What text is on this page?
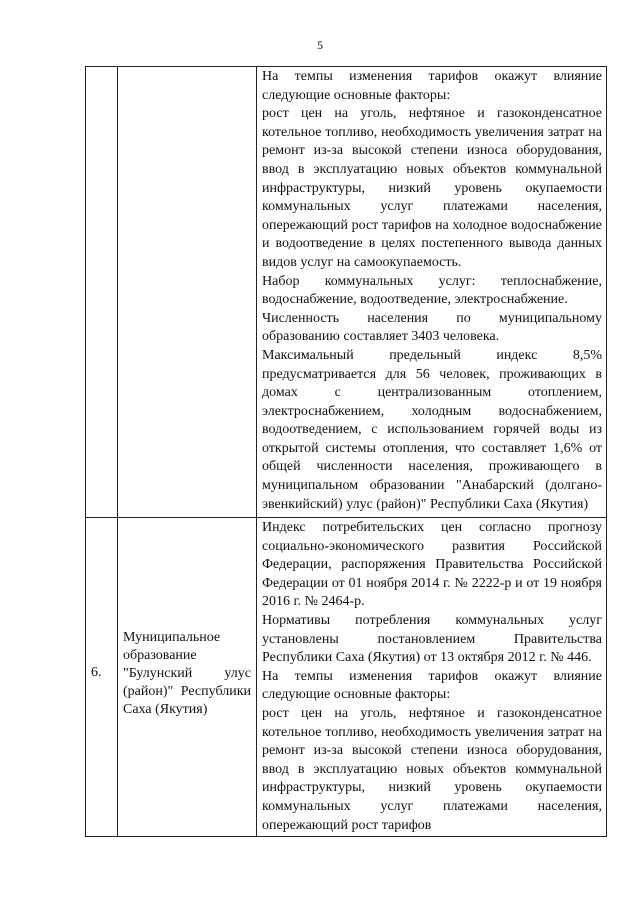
5

		На темпы изменения тарифов окажут влияние следующие основные факторы:

рост цен на уголь, нефтяное и газоконденсатное котельное топливо, необходимость увеличения затрат на ремонт из-за высокой степени износа оборудования, ввод в эксплуатацию новых объектов коммунальной инфраструктуры, низкий уровень окупаемости коммунальных услуг платежами населения, опережающий рост тарифов на холодное водоснабжение и водоотведение в целях постепенного вывода данных видов услуг на самоокупаемость.

Набор коммунальных услуг: теплоснабжение, водоснабжение, водоотведение, электроснабжение.

Численность населения по муниципальному образованию составляет 3403 человека.

Максимальный предельный индекс 8,5% предусматривается для 56 человек, проживающих в домах с централизованным отоплением, электроснабжением, холодным водоснабжением, водоотведением, с использованием горячей воды из открытой системы отопления, что составляет 1,6% от общей численности населения, проживающего в муниципальном образовании "Анабарский (долгано-эвенкийский) улус (район)" Республики Саха (Якутия)

6.	Муниципальное образование "Булунский улус (район)" Республики Саха (Якутия)	Индекс потребительских цен согласно прогнозу социально-экономического развития Российской Федерации, распоряжения Правительства Российской Федерации от 01 ноября 2014 г. № 2222-р и от 19 ноября 2016 г. № 2464-р.

Нормативы потребления коммунальных услуг установлены постановлением Правительства Республики Саха (Якутия) от 13 октября 2012 г. № 446.

На темпы изменения тарифов окажут влияние следующие основные факторы:

рост цен на уголь, нефтяное и газоконденсатное котельное топливо, необходимость увеличения затрат на ремонт из-за высокой степени износа оборудования, ввод в эксплуатацию новых объектов коммунальной инфраструктуры, низкий уровень окупаемости коммунальных услуг платежами населения, опережающий рост тарифов
